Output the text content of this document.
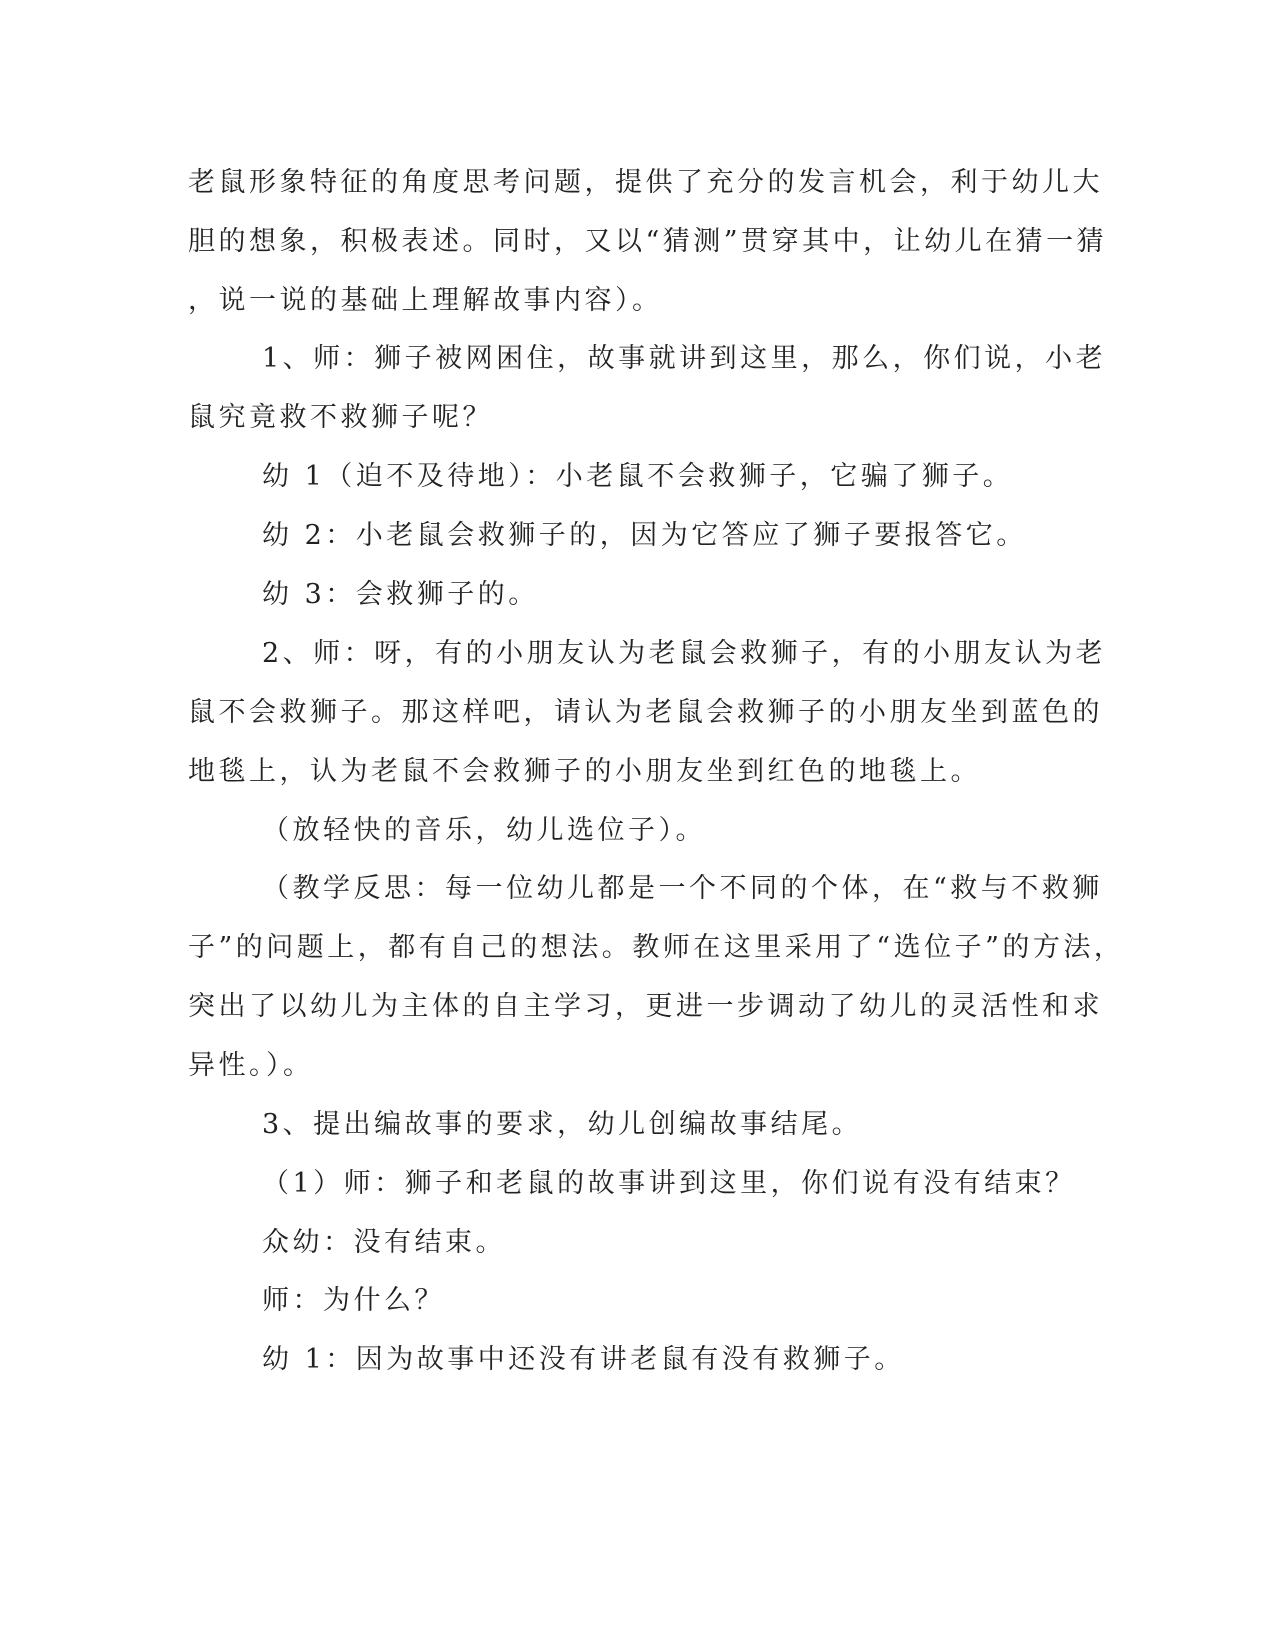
老鼠形象特征的角度思考问题，提供了充分的发言机会，利于幼儿大
胆的想象，积极表述。同时，又以“猜测”贯穿其中，让幼儿在猜一猜
，说一说的基础上理解故事内容）。
1、师：狮子被网困住，故事就讲到这里，那么，你们说，小老
鼠究竟救不救狮子呢？
幼 1（迫不及待地）：小老鼠不会救狮子，它骗了狮子。
幼 2：小老鼠会救狮子的，因为它答应了狮子要报答它。
幼 3：会救狮子的。
2、师：呀，有的小朋友认为老鼠会救狮子，有的小朋友认为老
鼠不会救狮子。那这样吧，请认为老鼠会救狮子的小朋友坐到蓝色的
地毯上，认为老鼠不会救狮子的小朋友坐到红色的地毯上。
（放轻快的音乐，幼儿选位子）。
（教学反思：每一位幼儿都是一个不同的个体，在“救与不救狮
子”的问题上，都有自己的想法。教师在这里采用了“选位子”的方法，
突出了以幼儿为主体的自主学习，更进一步调动了幼儿的灵活性和求
异性。）。
3、提出编故事的要求，幼儿创编故事结尾。
（1）师：狮子和老鼠的故事讲到这里，你们说有没有结束？
众幼：没有结束。
师：为什么？
幼 1：因为故事中还没有讲老鼠有没有救狮子。
